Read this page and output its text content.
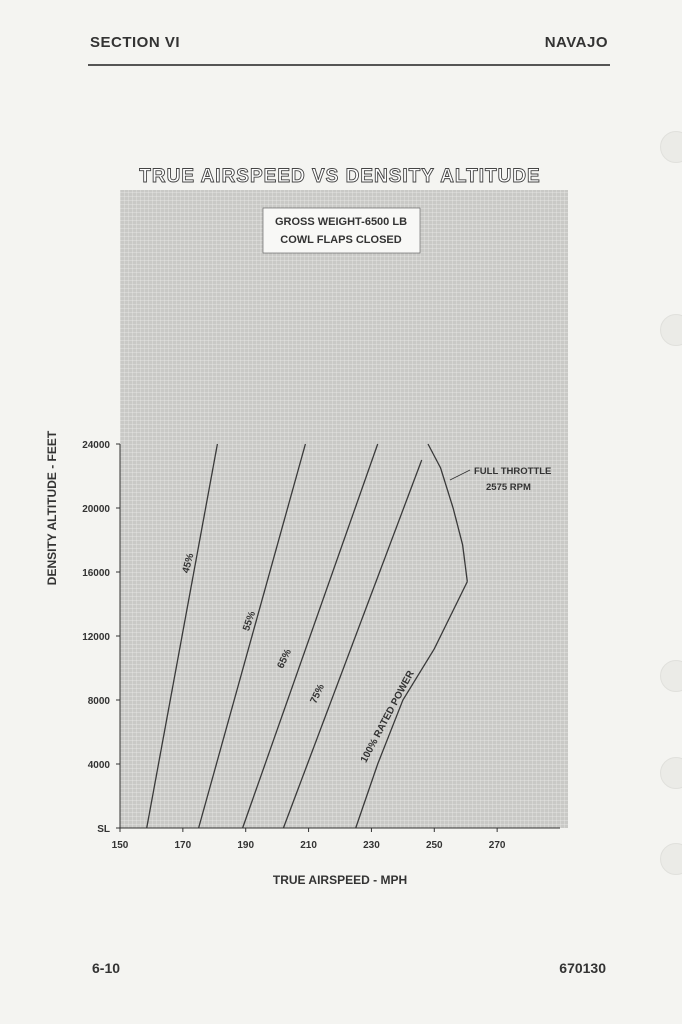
SECTION VI	NAVAJO
TRUE AIRSPEED VS DENSITY ALTITUDE
GROSS WEIGHT-6500 LB
COWL FLAPS CLOSED
SL
4000
8000
12000
16000
20000
24000
150	170	190	210	230	250	270
45%
55%
65%
75%	100% RATED POWER
FULL THROTTLE
2575 RPM
TRUE AIRSPEED - MPH
DENSITY ALTITUDE - FEET
6-10	670130
